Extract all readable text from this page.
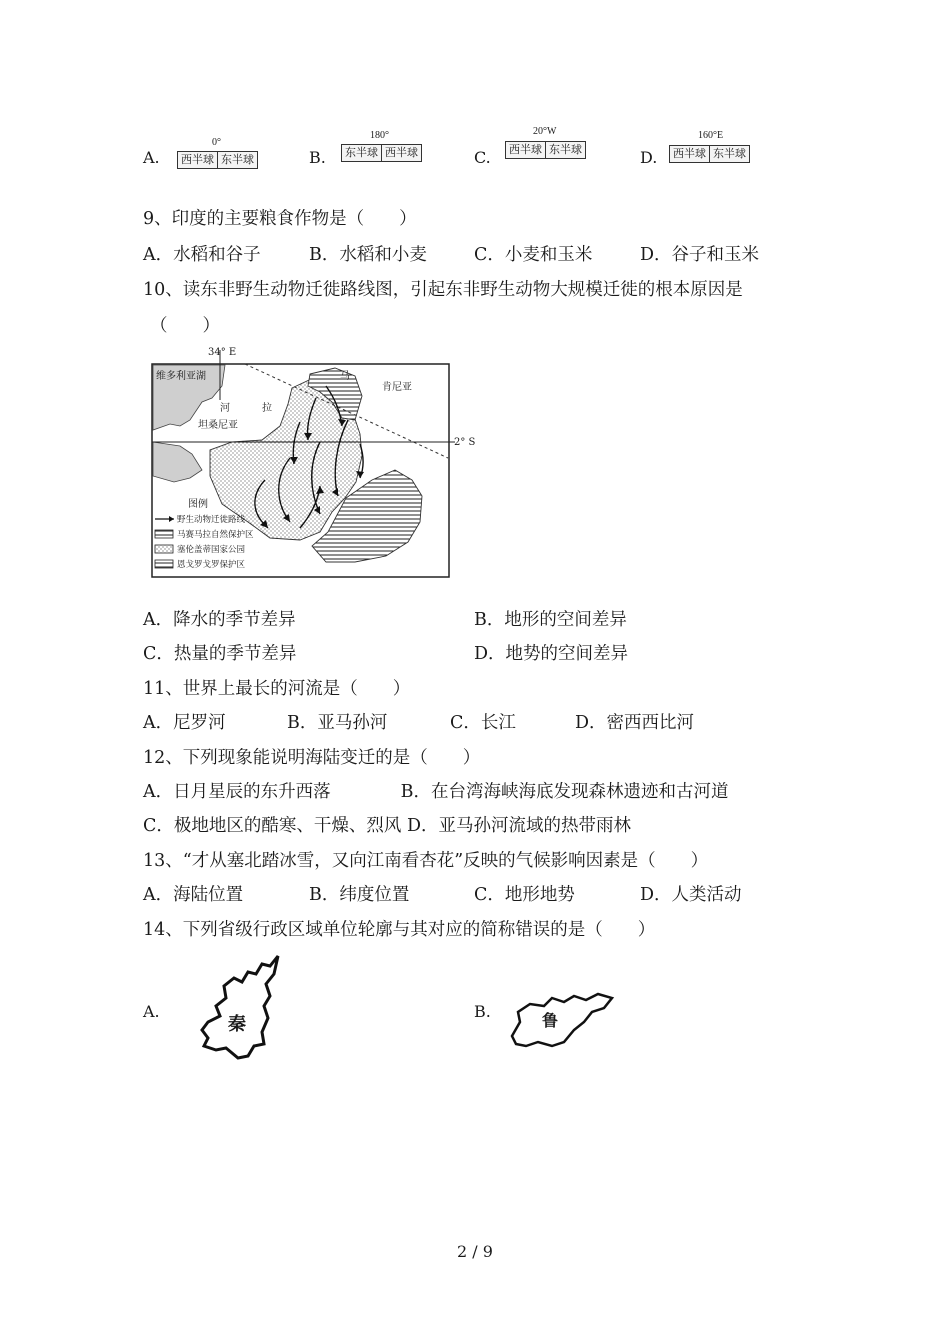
A.
0°
西半球 东半球	B.
180°
东半球 西半球	C.
20°W
西半球 东半球	D.
160°E
西半球 东半球
9、印度的主要粮食作物是（　　）
A．水稻和谷子	B．水稻和小麦	C．小麦和玉米	D．谷子和玉米
10、读东非野生动物迁徙路线图，引起东非野生动物大规模迁徙的根本原因是
（　　）
34° E
2° S
维多利亚湖
河	拉
马
肯尼亚
坦桑尼亚
图例
野生动物迁徙路线
马赛马拉自然保护区
塞伦盖蒂国家公园
恩戈罗戈罗保护区
A．降水的季节差异	B．地形的空间差异
C．热量的季节差异	D．地势的空间差异
11、世界上最长的河流是（　　）
A．尼罗河	B．亚马孙河	C．长江	D．密西西比河
12、下列现象能说明海陆变迁的是（　　）
A．日月星辰的东升西落　　　　B．在台湾海峡海底发现森林遗迹和古河道
C．极地地区的酷寒、干燥、烈风 D．亚马孙河流域的热带雨林
13、“才从塞北踏冰雪，又向江南看杏花”反映的气候影响因素是（　　）
A．海陆位置	B．纬度位置	C．地形地势	D．人类活动
14、下列省级行政区域单位轮廓与其对应的简称错误的是（　　）
A.
秦
B.	鲁
2 / 9
